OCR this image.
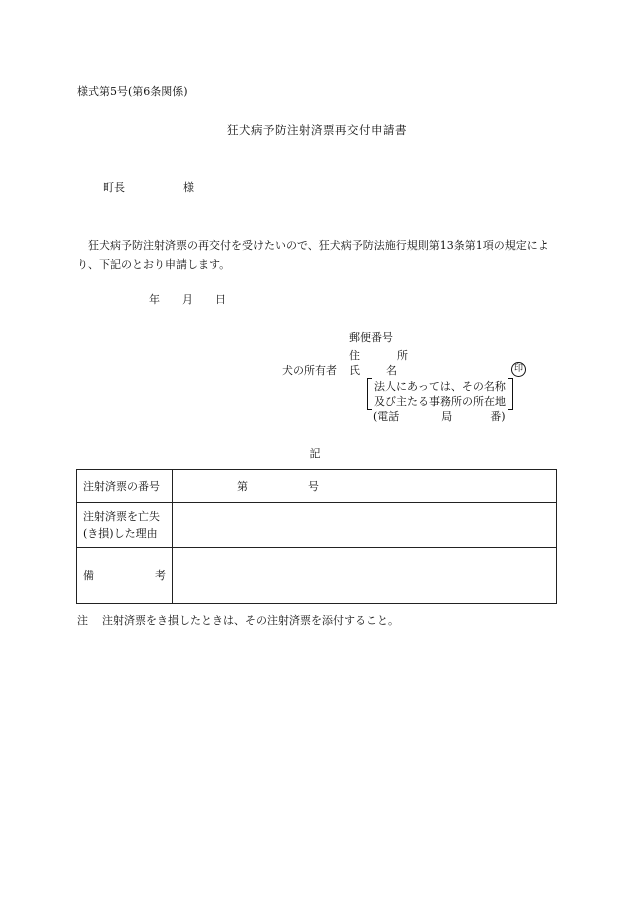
様式第5号(第6条関係)
狂犬病予防注射済票再交付申請書
町長	様
狂犬病予防注射済票の再交付を受けたいので、狂犬病予防法施行規則第13条第1項の規定により、下記のとおり申請します。
年 月 日
郵便番号
住	所
犬の所有者 氏 名	印
法人にあっては、その名称
及び主たる事務所の所在地
(電話	局	番)
記
注射済票の番号	第 号

注射済票を亡失
(き損)した理由	

備 考	

注 注射済票をき損したときは、その注射済票を添付すること。
